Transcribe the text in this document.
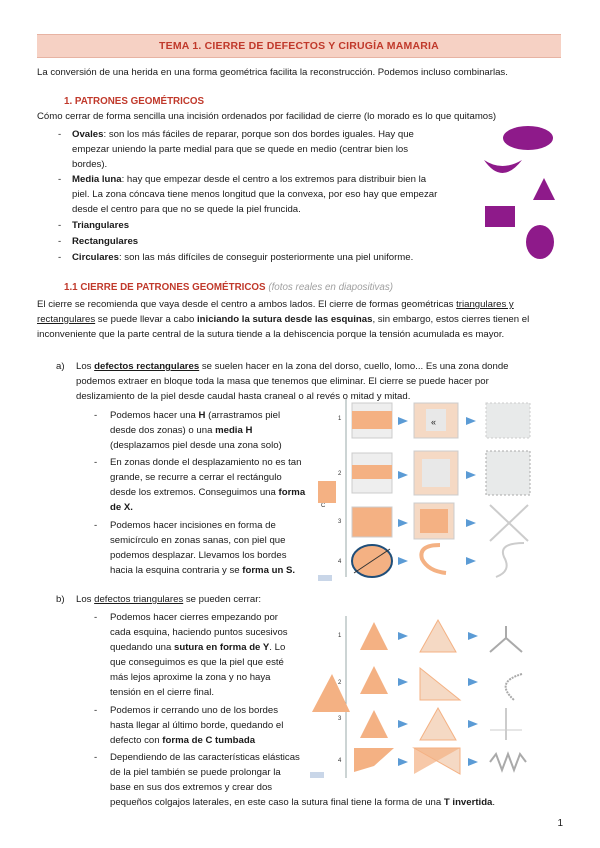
TEMA 1. CIERRE DE DEFECTOS Y CIRUGÍA MAMARIA
La conversión de una herida en una forma geométrica facilita la reconstrucción. Podemos incluso combinarlas.
1. PATRONES GEOMÉTRICOS
Cómo cerrar de forma sencilla una incisión ordenados por facilidad de cierre (lo morado es lo que quitamos)
- Ovales: son los más fáciles de reparar, porque son dos bordes iguales. Hay que
empezar uniendo la parte medial para que se quede en medio (centrar bien los
bordes).
- Media luna: hay que empezar desde el centro a los extremos para distribuir bien la
piel. La zona cóncava tiene menos longitud que la convexa, por eso hay que empezar
desde el centro para que no se quede la piel fruncida.
- Triangulares
- Rectangulares
- Circulares: son las más difíciles de conseguir posteriormente una piel uniforme.
1.1 CIERRE DE PATRONES GEOMÉTRICOS (fotos reales en diapositivas)
El cierre se recomienda que vaya desde el centro a ambos lados. El cierre de formas geométricas triangulares y
rectangulares se puede llevar a cabo iniciando la sutura desde las esquinas, sin embargo, estos cierres tienen el
inconveniente que la parte central de la sutura tiende a la dehiscencia porque la tensión acumulada es mayor.
a) Los defectos rectangulares se suelen hacer en la zona del dorso, cuello, lomo... Es una zona donde
podemos extraer en bloque toda la masa que tenemos que eliminar. El cierre se puede hacer por
deslizamiento de la piel desde caudal hasta craneal o al revés o mitad y mitad.
- Podemos hacer una H (arrastramos piel
desde dos zonas) o una media H
(desplazamos piel desde una zona solo)
- En zonas donde el desplazamiento no es tan
grande, se recurre a cerrar el rectángulo
desde los extremos. Conseguimos una forma
de X.
- Podemos hacer incisiones en forma de
semicírculo en zonas sanas, con piel que
podemos desplazar. Llevamos los bordes
hacia la esquina contraria y se forma un S.
1
2
3
4
C
«
b) Los defectos triangulares se pueden cerrar:
- Podemos hacer cierres empezando por
cada esquina, haciendo puntos sucesivos
quedando una sutura en forma de Y. Lo
que conseguimos es que la piel que esté
más lejos aproxime la zona y no haya
tensión en el cierre final.
- Podemos ir cerrando uno de los bordes
hasta llegar al último borde, quedando el
defecto con forma de C tumbada
- Dependiendo de las características elásticas
de la piel también se puede prolongar la
base en sus dos extremos y crear dos
pequeños colgajos laterales, en este caso la sutura final tiene la forma de una T invertida.
1
2
3
4
1
